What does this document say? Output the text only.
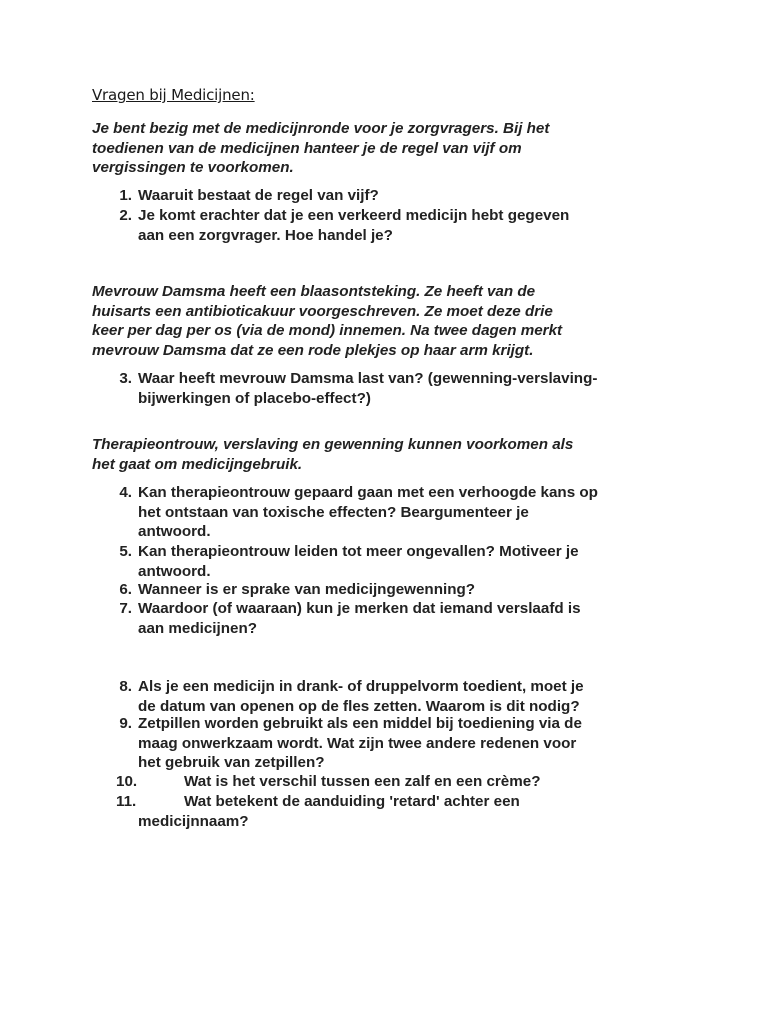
Vragen bij Medicijnen:
Je bent bezig met de medicijnronde voor je zorgvragers. Bij het
toedienen van de medicijnen hanteer je de regel van vijf om
vergissingen te voorkomen.
1. Waaruit bestaat de regel van vijf?
2. Je komt erachter dat je een verkeerd medicijn hebt gegeven
aan een zorgvrager. Hoe handel je?
Mevrouw Damsma heeft een blaasontsteking. Ze heeft van de
huisarts een antibioticakuur voorgeschreven. Ze moet deze drie
keer per dag per os (via de mond) innemen. Na twee dagen merkt
mevrouw Damsma dat ze een rode plekjes op haar arm krijgt.
3. Waar heeft mevrouw Damsma last van? (gewenning-verslaving-
bijwerkingen of placebo-effect?)
Therapieontrouw, verslaving en gewenning kunnen voorkomen als
het gaat om medicijngebruik.
4. Kan therapieontrouw gepaard gaan met een verhoogde kans op
het ontstaan van toxische effecten? Beargumenteer je
antwoord.
5. Kan therapieontrouw leiden tot meer ongevallen? Motiveer je
antwoord.
6. Wanneer is er sprake van medicijngewenning?
7. Waardoor (of waaraan) kun je merken dat iemand verslaafd is
aan medicijnen?
8. Als je een medicijn in drank- of druppelvorm toedient, moet je
de datum van openen op de fles zetten. Waarom is dit nodig?
9. Zetpillen worden gebruikt als een middel bij toediening via de
maag onwerkzaam wordt. Wat zijn twee andere redenen voor
het gebruik van zetpillen?
10.	Wat is het verschil tussen een zalf en een crème?
11.	Wat betekent de aanduiding 'retard' achter een
medicijnnaam?
